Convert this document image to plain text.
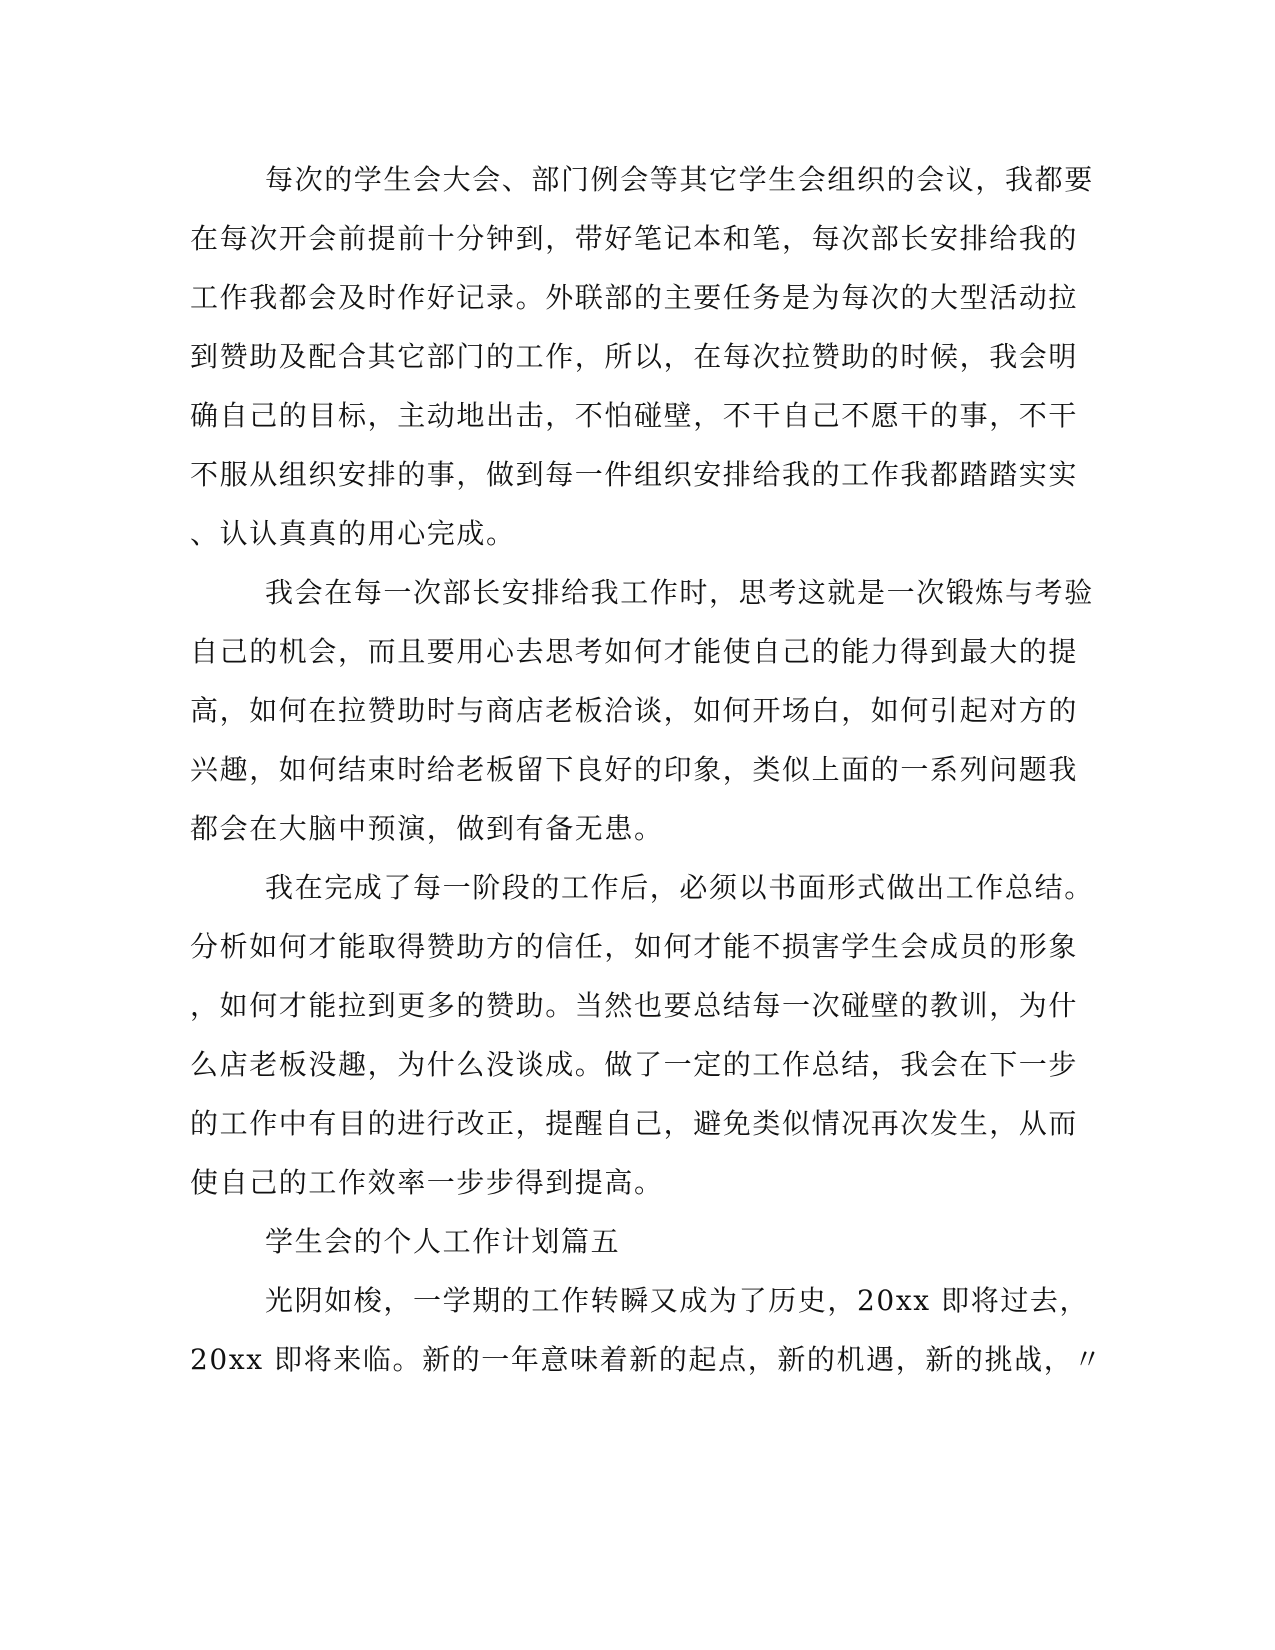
每次的学生会大会、部门例会等其它学生会组织的会议，我都要
在每次开会前提前十分钟到，带好笔记本和笔，每次部长安排给我的
工作我都会及时作好记录。外联部的主要任务是为每次的大型活动拉
到赞助及配合其它部门的工作，所以，在每次拉赞助的时候，我会明
确自己的目标，主动地出击，不怕碰壁，不干自己不愿干的事，不干
不服从组织安排的事，做到每一件组织安排给我的工作我都踏踏实实
、认认真真的用心完成。
我会在每一次部长安排给我工作时，思考这就是一次锻炼与考验
自己的机会，而且要用心去思考如何才能使自己的能力得到最大的提
高，如何在拉赞助时与商店老板洽谈，如何开场白，如何引起对方的
兴趣，如何结束时给老板留下良好的印象，类似上面的一系列问题我
都会在大脑中预演，做到有备无患。
我在完成了每一阶段的工作后，必须以书面形式做出工作总结。
分析如何才能取得赞助方的信任，如何才能不损害学生会成员的形象
，如何才能拉到更多的赞助。当然也要总结每一次碰壁的教训，为什
么店老板没趣，为什么没谈成。做了一定的工作总结，我会在下一步
的工作中有目的进行改正，提醒自己，避免类似情况再次发生，从而
使自己的工作效率一步步得到提高。
学生会的个人工作计划篇五
光阴如梭，一学期的工作转瞬又成为了历史，20xx 即将过去，
20xx 即将来临。新的一年意味着新的起点，新的机遇，新的挑战，〃
